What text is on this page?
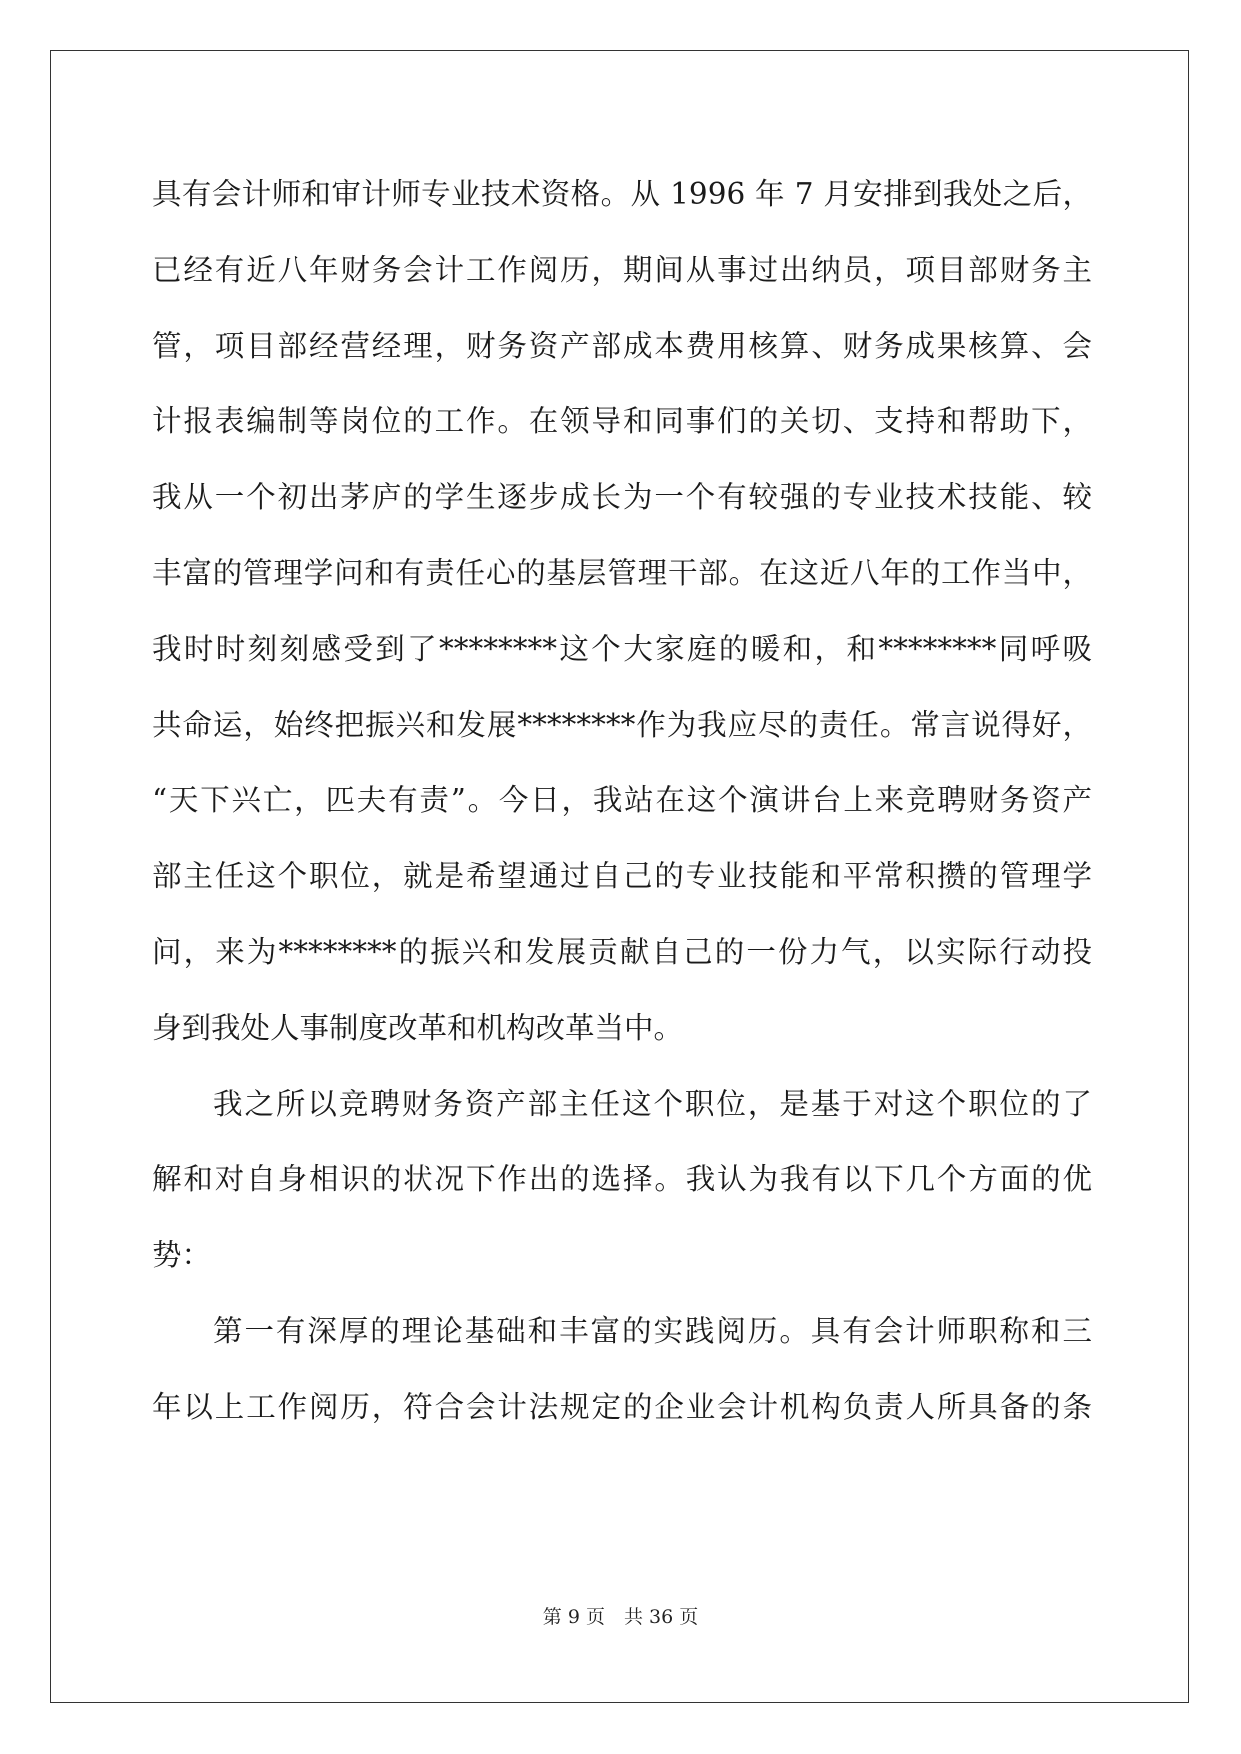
具有会计师和审计师专业技术资格。从 1996 年 7 月安排到我处之后，
已经有近八年财务会计工作阅历，期间从事过出纳员，项目部财务主
管，项目部经营经理，财务资产部成本费用核算、财务成果核算、会
计报表编制等岗位的工作。在领导和同事们的关切、支持和帮助下，
我从一个初出茅庐的学生逐步成长为一个有较强的专业技术技能、较
丰富的管理学问和有责任心的基层管理干部。在这近八年的工作当中，
我时时刻刻感受到了********这个大家庭的暖和，和********同呼吸
共命运，始终把振兴和发展********作为我应尽的责任。常言说得好，
“天下兴亡，匹夫有责”。今日，我站在这个演讲台上来竞聘财务资产
部主任这个职位，就是希望通过自己的专业技能和平常积攒的管理学
问，来为********的振兴和发展贡献自己的一份力气，以实际行动投
身到我处人事制度改革和机构改革当中。
我之所以竞聘财务资产部主任这个职位，是基于对这个职位的了
解和对自身相识的状况下作出的选择。我认为我有以下几个方面的优
势：
第一有深厚的理论基础和丰富的实践阅历。具有会计师职称和三
年以上工作阅历，符合会计法规定的企业会计机构负责人所具备的条
第 9 页　共 36 页
